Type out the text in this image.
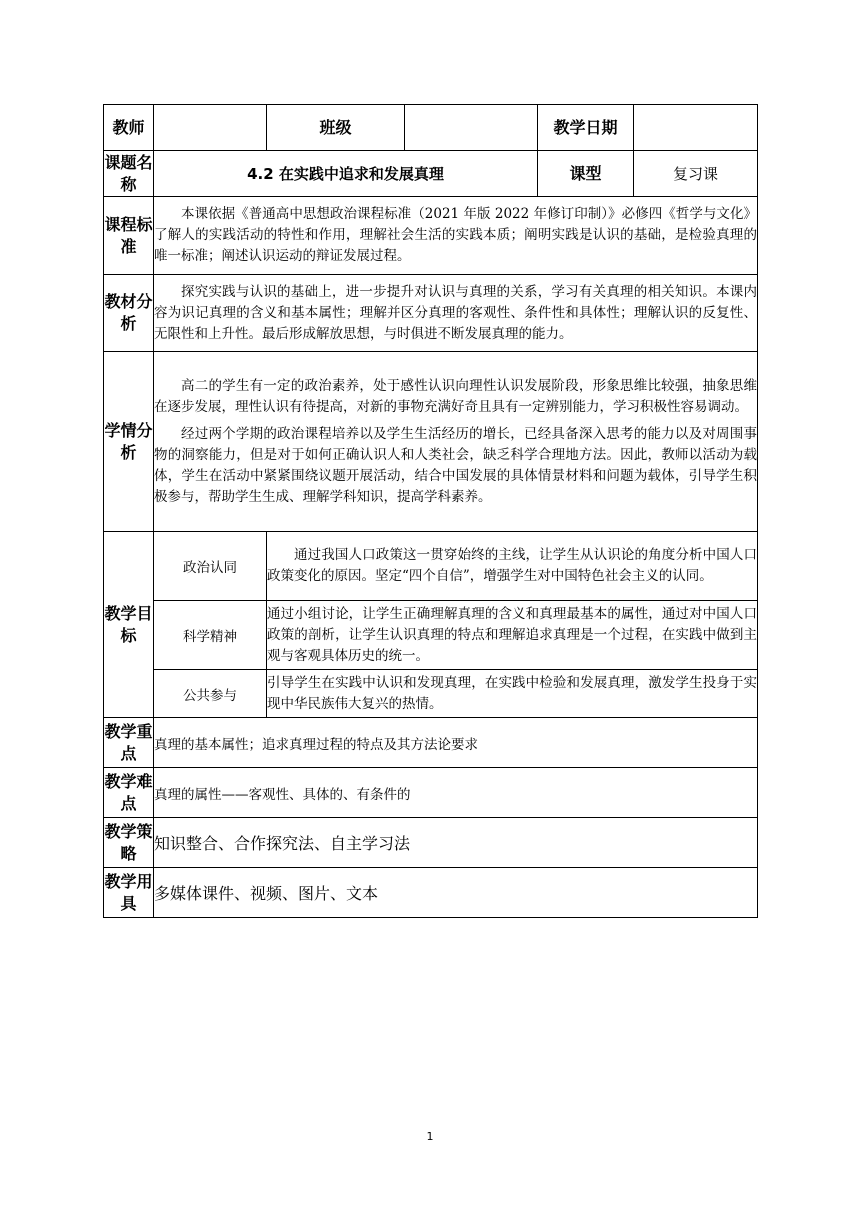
教师		班级		教学日期	
课题名称	4.2 在实践中追求和发展真理			课型	复习课
课程标准	本课依据《普通高中思想政治课程标准（2021 年版 2022 年修订印制）》必修四《哲学与文化》了解人的实践活动的特性和作用，理解社会生活的实践本质；阐明实践是认识的基础，是检验真理的唯一标准；阐述认识运动的辩证发展过程。				

教材分析	探究实践与认识的基础上，进一步提升对认识与真理的关系，学习有关真理的相关知识。本课内容为识记真理的含义和基本属性；理解并区分真理的客观性、条件性和具体性；理解认识的反复性、无限性和上升性。最后形成解放思想，与时俱进不断发展真理的能力。				

学情分析	高二的学生有一定的政治素养，处于感性认识向理性认识发展阶段，形象思维比较强，抽象思维在逐步发展，理性认识有待提高，对新的事物充满好奇且具有一定辨别能力，学习积极性容易调动。

经过两个学期的政治课程培养以及学生生活经历的增长，已经具备深入思考的能力以及对周围事物的洞察能力，但是对于如何正确认识人和人类社会，缺乏科学合理地方法。因此，教师以活动为载体，学生在活动中紧紧围绕议题开展活动，结合中国发展的具体情景材料和问题为载体，引导学生积极参与，帮助学生生成、理解学科知识，提高学科素养。				

教学目标	政治认同	通过我国人口政策这一贯穿始终的主线，让学生从认识论的角度分析中国人口政策变化的原因。坚定“四个自信”，增强学生对中国特色社会主义的认同。			
	科学精神	通过小组讨论，让学生正确理解真理的含义和真理最基本的属性，通过对中国人口政策的剖析，让学生认识真理的特点和理解追求真理是一个过程，在实践中做到主观与客观具体历史的统一。			
	公共参与	引导学生在实践中认识和发现真理，在实践中检验和发展真理，激发学生投身于实现中华民族伟大复兴的热情。			
教学重点	真理的基本属性；追求真理过程的特点及其方法论要求				
教学难点	真理的属性——客观性、具体的、有条件的				
教学策略	知识整合、合作探究法、自主学习法				
教学用具	多媒体课件、视频、图片、文本				
1
